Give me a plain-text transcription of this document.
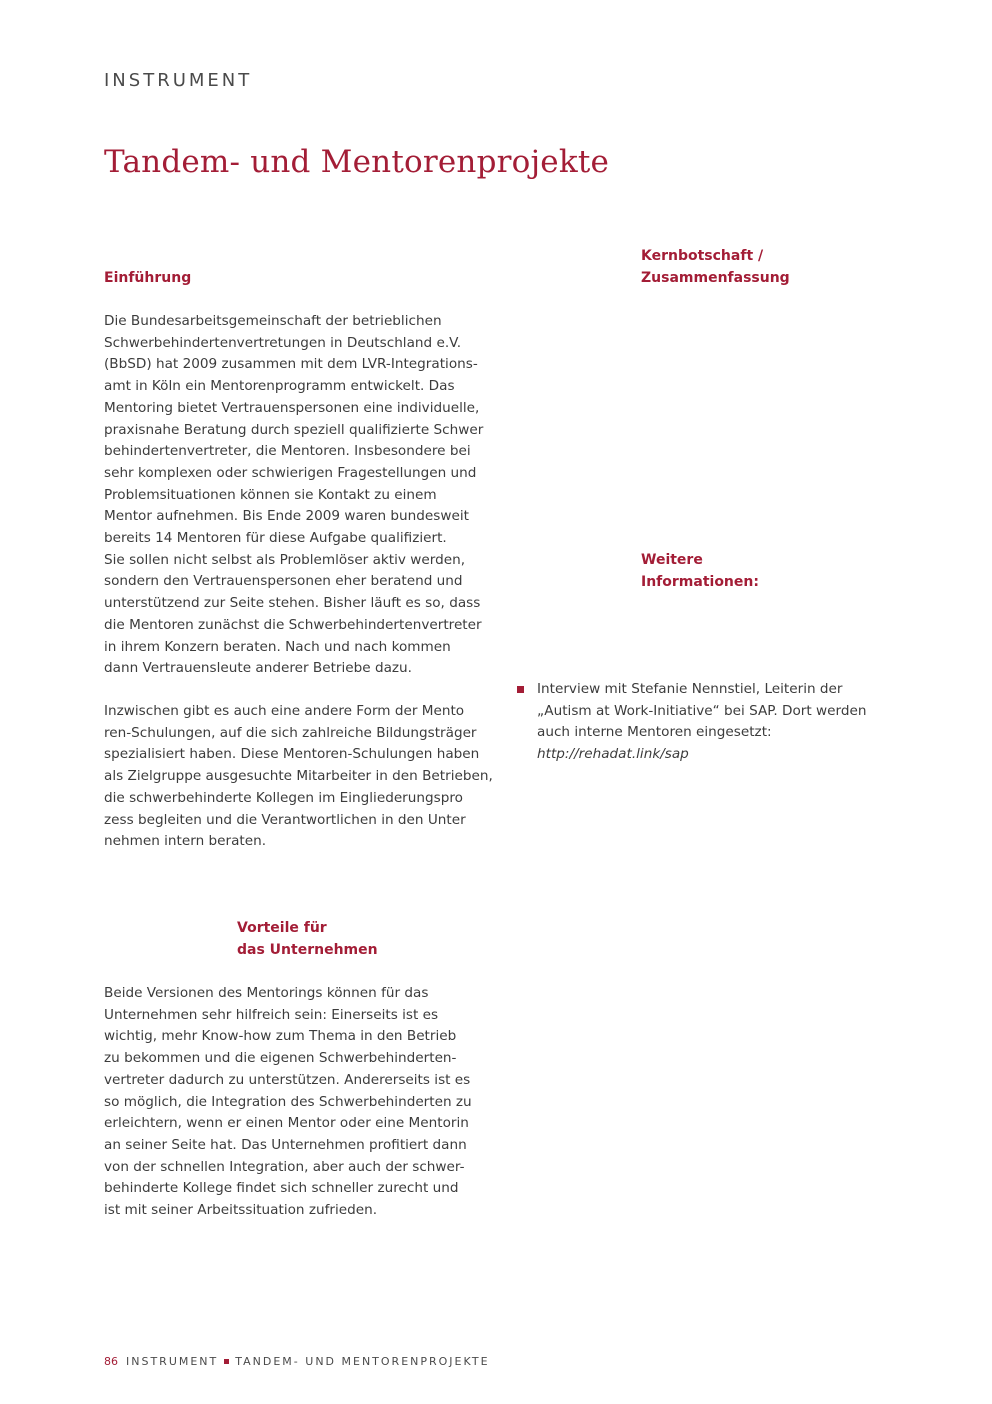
INSTRUMENT
Tandem- und Mentorenprojekte
Einführung

Die Bundesarbeitsgemeinschaft der betrieblichen
Schwerbehindertenvertretungen in Deutschland e.V.
(BbSD) hat 2009 zusammen mit dem LVR-Integrations-
amt in Köln ein Mentorenprogramm entwickelt. Das
Mentoring bietet Vertrauenspersonen eine individuelle,
praxisnahe Beratung durch speziell qualifizierte Schwer
behindertenvertreter, die Mentoren. Insbesondere bei
sehr komplexen oder schwierigen Fragestellungen und
Problemsituationen können sie Kontakt zu einem
Mentor aufnehmen. Bis Ende 2009 waren bundesweit
bereits 14 Mentoren für diese Aufgabe qualifiziert.
Sie sollen nicht selbst als Problemlöser aktiv werden,
sondern den Vertrauenspersonen eher beratend und
unterstützend zur Seite stehen. Bisher läuft es so, dass
die Mentoren zunächst die Schwerbehindertenvertreter
in ihrem Konzern beraten. Nach und nach kommen
dann Vertrauensleute anderer Betriebe dazu.

Inzwischen gibt es auch eine andere Form der Mento
ren-Schulungen, auf die sich zahlreiche Bildungsträger
spezialisiert haben. Diese Mentoren-Schulungen haben
als Zielgruppe ausgesuchte Mitarbeiter in den Betrieben,
die schwerbehinderte Kollegen im Eingliederungspro
zess begleiten und die Verantwortlichen in den Unter
nehmen intern beraten.

Vorteile für
das Unternehmen

Beide Versionen des Mentorings können für das
Unternehmen sehr hilfreich sein: Einerseits ist es
wichtig, mehr Know-how zum Thema in den Betrieb
zu bekommen und die eigenen Schwerbehinderten-
vertreter dadurch zu unterstützen. Andererseits ist es
so möglich, die Integration des Schwerbehinderten zu
erleichtern, wenn er einen Mentor oder eine Mentorin
an seiner Seite hat. Das Unternehmen profitiert dann
von der schnellen Integration, aber auch der schwer-
behinderte Kollege findet sich schneller zurecht und
ist mit seiner Arbeitssituation zufrieden.

Kernbotschaft /
Zusammenfassung
Weitere
Informationen:
Interview mit Stefanie Nennstiel, Leiterin der
„Autism at Work-Initiative“ bei SAP. Dort werden
auch interne Mentoren eingesetzt:
http://rehadat.link/sap
86 INSTRUMENT TANDEM- UND MENTORENPROJEKTE
